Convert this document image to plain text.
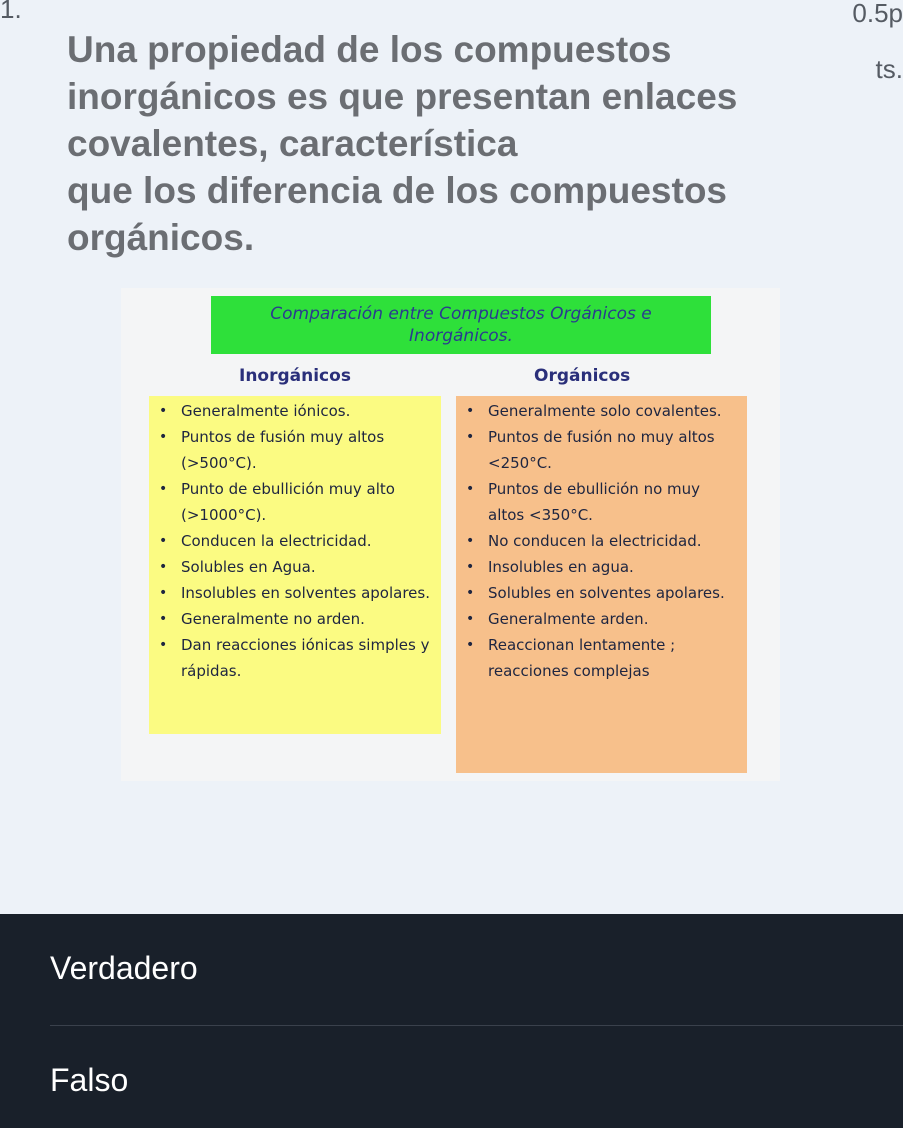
1.	0.5p
ts.
Una propiedad de los compuestos
inorgánicos es que presentan enlaces
covalentes, característica
que los diferencia de los compuestos
orgánicos.
Comparación entre Compuestos Orgánicos e
Inorgánicos.
Inorgánicos	Orgánicos
• Generalmente iónicos.
• Puntos de fusión muy altos (>500°C).
• Punto de ebullición muy alto (>1000°C).
• Conducen la electricidad.
• Solubles en Agua.
• Insolubles en solventes apolares.
• Generalmente no arden.
• Dan reacciones iónicas simples y rápidas.
• Generalmente solo covalentes.
• Puntos de fusión no muy altos <250°C.
• Puntos de ebullición no muy altos <350°C.
• No conducen la electricidad.
• Insolubles en agua.
• Solubles en solventes apolares.
• Generalmente arden.
• Reaccionan lentamente ; reacciones complejas
Verdadero
Falso
